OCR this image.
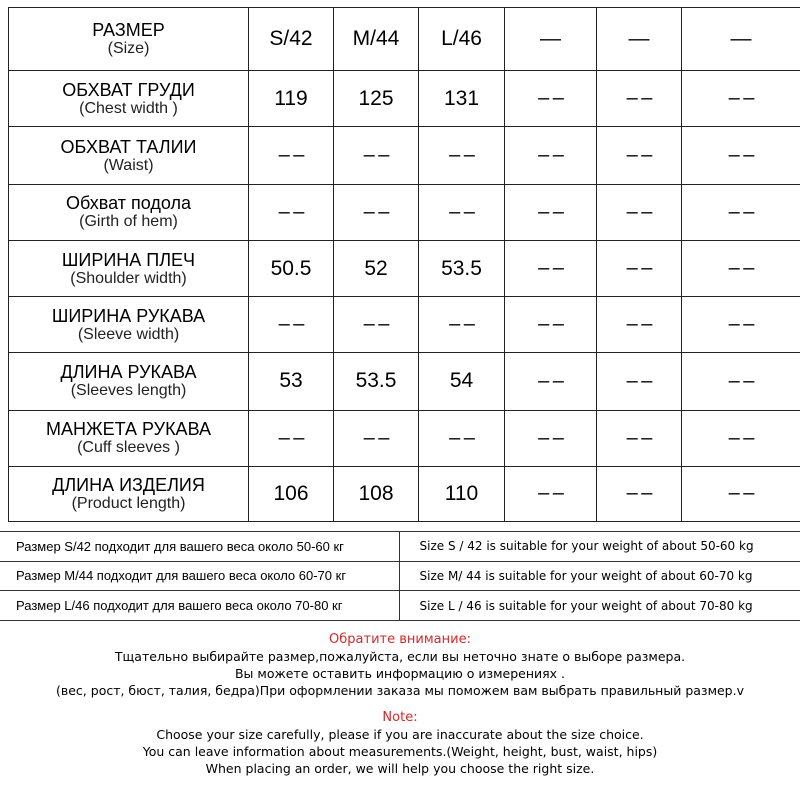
РАЗМЕР
(Size)	S/42	M/44	L/46	—	—	—

ОБХВАТ ГРУДИ
(Chest width )	119	125	131	– –	– –	– –

ОБХВАТ ТАЛИИ
(Waist)	– –	– –	– –	– –	– –	– –

Обхват подола
(Girth of hem)	– –	– –	– –	– –	– –	– –

ШИРИНА ПЛЕЧ
(Shoulder width)	50.5	52	53.5	– –	– –	– –

ШИРИНА РУКАВА
(Sleeve width)	– –	– –	– –	– –	– –	– –

ДЛИНА РУКАВА
(Sleeves length)	53	53.5	54	– –	– –	– –

МАНЖЕТА РУКАВА
(Cuff sleeves )	– –	– –	– –	– –	– –	– –

ДЛИНА ИЗДЕЛИЯ
(Product length)	106	108	110	– –	– –	– –
Размер S/42 подходит для вашего веса около 50-60 кг	Size S / 42 is suitable for your weight of about 50-60 kg
Размер M/44 подходит для вашего веса около 60-70 кг	Size M/ 44 is suitable for your weight of about 60-70 kg
Размер L/46 подходит для вашего веса около 70-80 кг	Size L / 46 is suitable for your weight of about 70-80 kg
Обратите внимание:
Тщательно выбирайте размер,пожалуйста, если вы неточно знате о выборе размера.
Вы можете оставить информацию о измерениях .
(вес, рост, бюст, талия, бедра)При оформлении заказа мы поможем вам выбрать правильный размер.v
Note:
Choose your size carefully, please if you are inaccurate about the size choice.
You can leave information about measurements.(Weight, height, bust, waist, hips)
When placing an order, we will help you choose the right size.
